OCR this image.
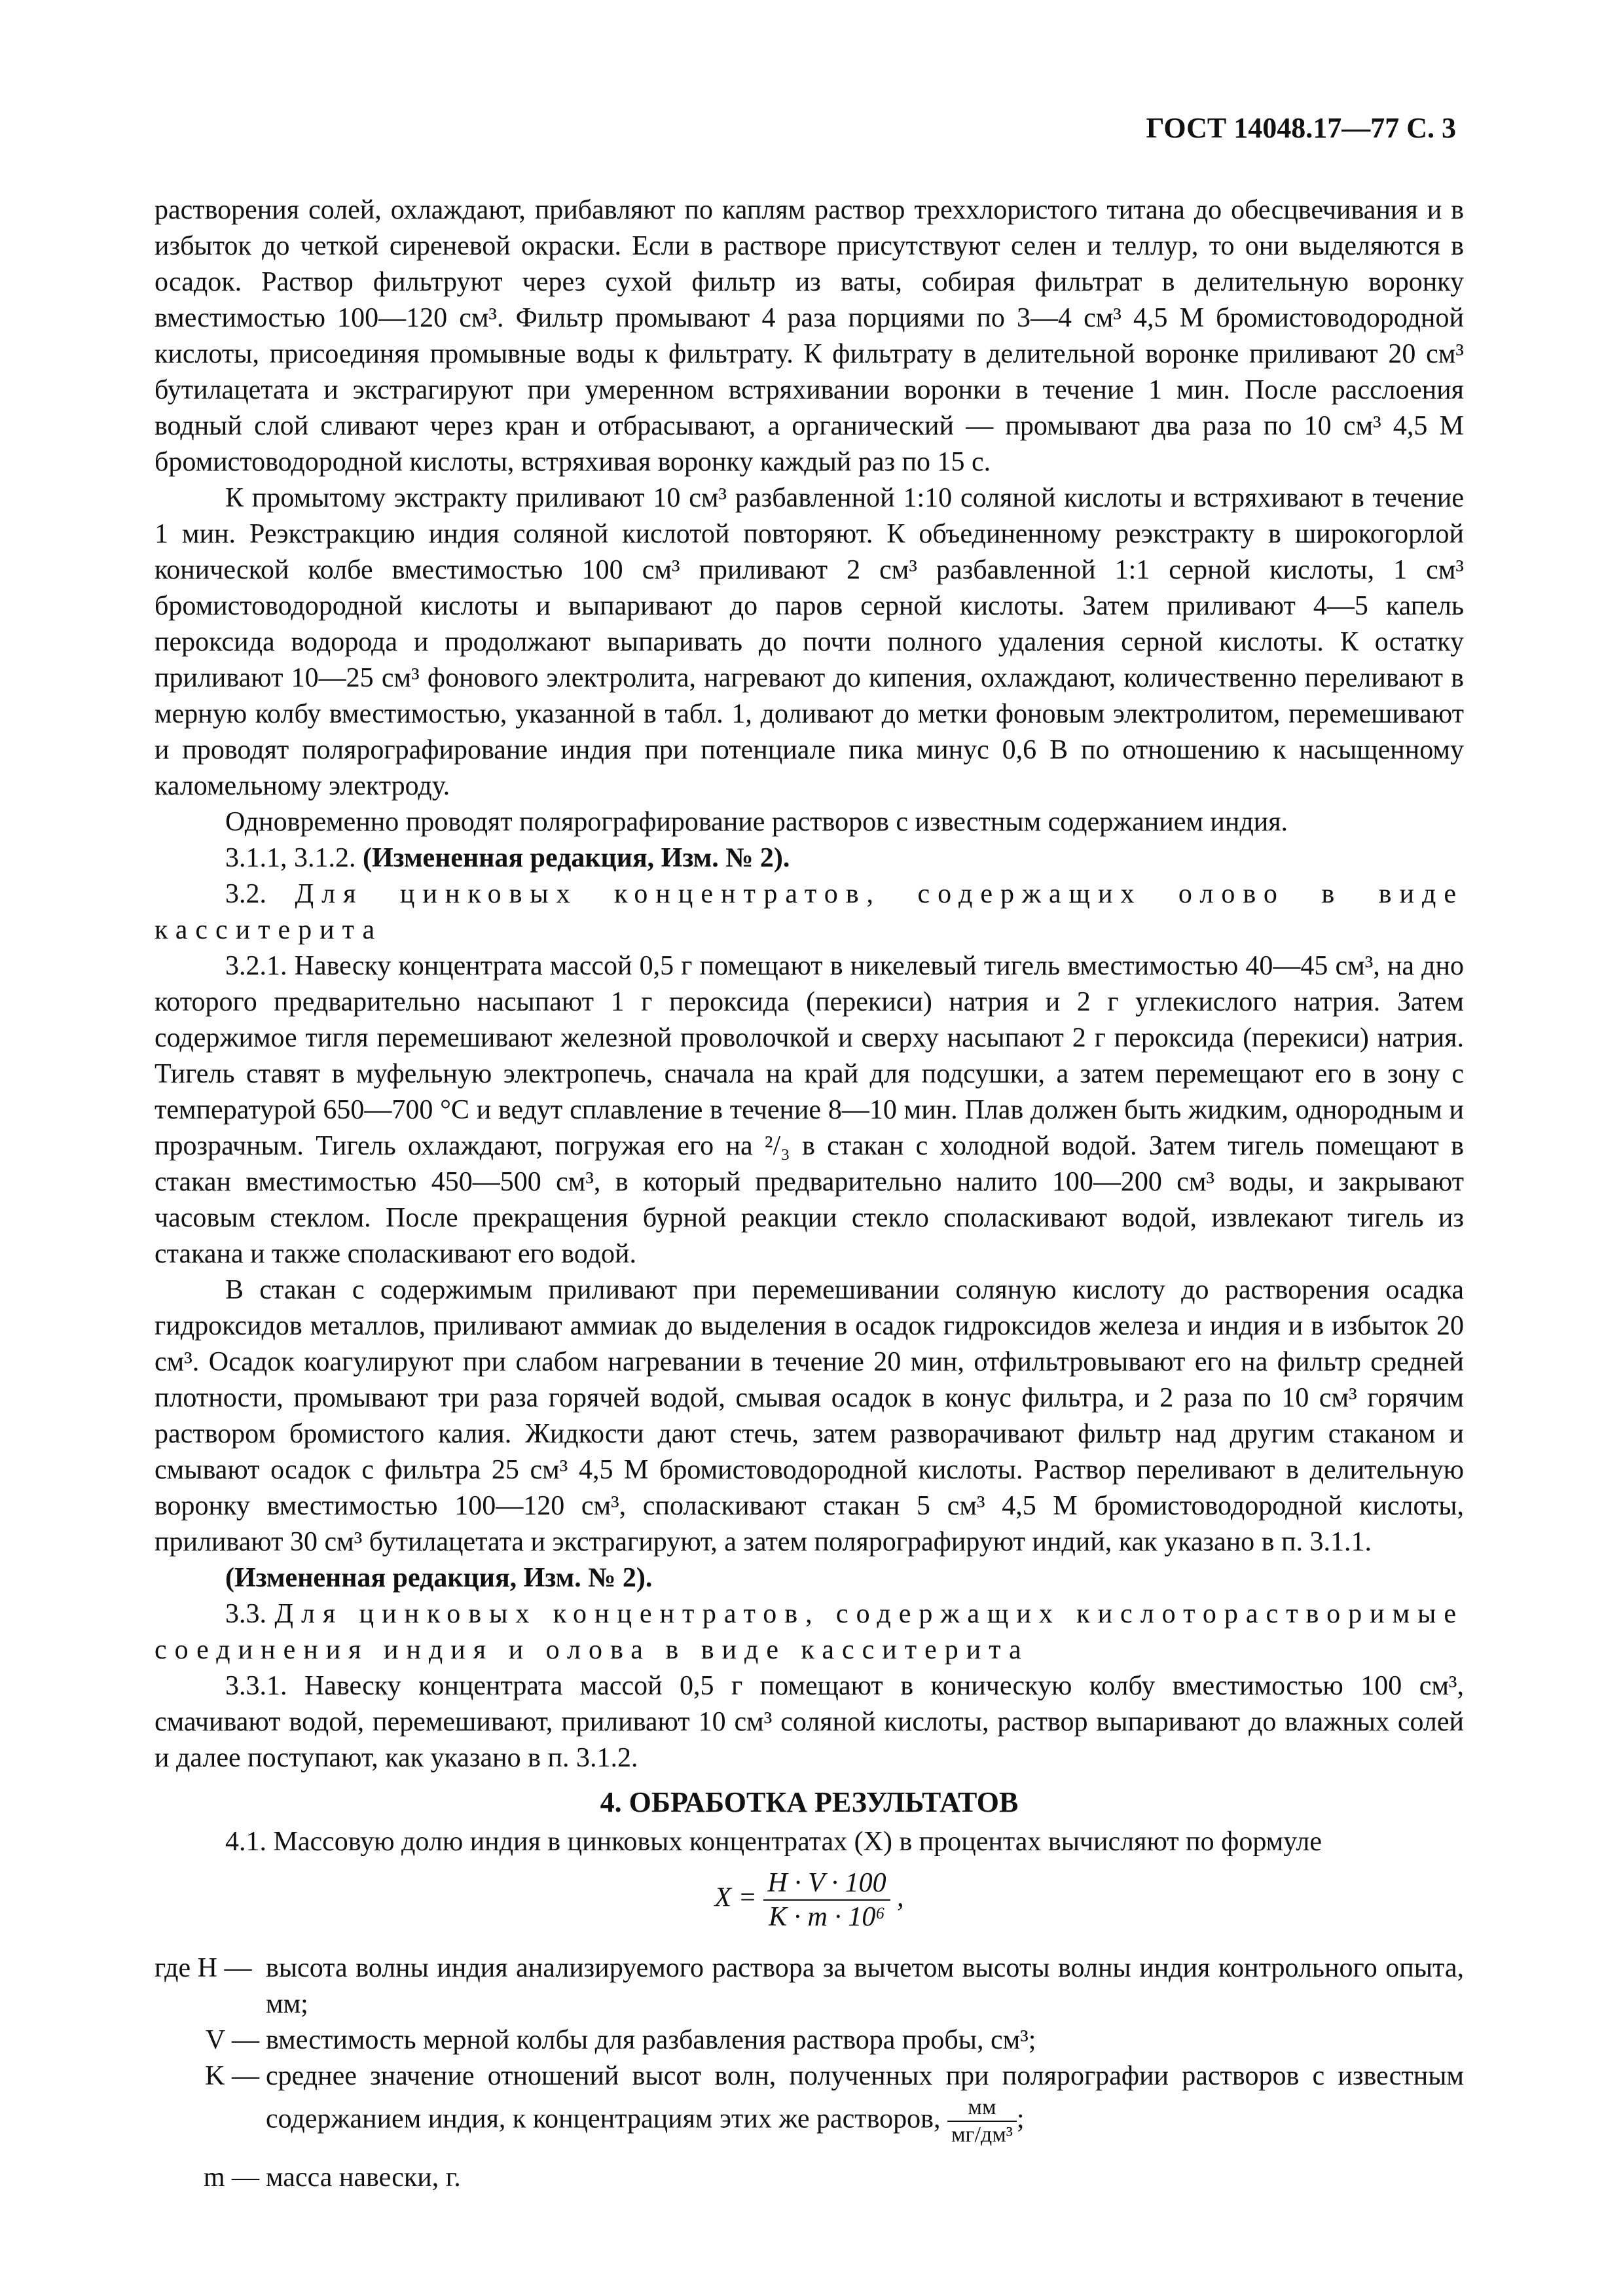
ГОСТ 14048.17—77 С. 3

растворения солей, охлаждают, прибавляют по каплям раствор треххлористого титана до обесцвечивания и в избыток до четкой сиреневой окраски. Если в растворе присутствуют селен и теллур, то они выделяются в осадок. Раствор фильтруют через сухой фильтр из ваты, собирая фильтрат в делительную воронку вместимостью 100—120 см³. Фильтр промывают 4 раза порциями по 3—4 см³ 4,5 М бромистоводородной кислоты, присоединяя промывные воды к фильтрату. К фильтрату в делительной воронке приливают 20 см³ бутилацетата и экстрагируют при умеренном встряхивании воронки в течение 1 мин. После расслоения водный слой сливают через кран и отбрасывают, а органический — промывают два раза по 10 см³ 4,5 М бромистоводородной кислоты, встряхивая воронку каждый раз по 15 с.

К промытому экстракту приливают 10 см³ разбавленной 1:10 соляной кислоты и встряхивают в течение 1 мин. Реэкстракцию индия соляной кислотой повторяют. К объединенному реэкстракту в широкогорлой конической колбе вместимостью 100 см³ приливают 2 см³ разбавленной 1:1 серной кислоты, 1 см³ бромистоводородной кислоты и выпаривают до паров серной кислоты. Затем приливают 4—5 капель пероксида водорода и продолжают выпаривать до почти полного удаления серной кислоты. К остатку приливают 10—25 см³ фонового электролита, нагревают до кипения, охлаждают, количественно переливают в мерную колбу вместимостью, указанной в табл. 1, доливают до метки фоновым электролитом, перемешивают и проводят полярографирование индия при потенциале пика минус 0,6 В по отношению к насыщенному каломельному электроду.

Одновременно проводят полярографирование растворов с известным содержанием индия.

3.1.1, 3.1.2. (Измененная редакция, Изм. № 2).

3.2. Для цинковых концентратов, содержащих олово в виде касситерита

3.2.1. Навеску концентрата массой 0,5 г помещают в никелевый тигель вместимостью 40—45 см³, на дно которого предварительно насыпают 1 г пероксида (перекиси) натрия и 2 г углекислого натрия. Затем содержимое тигля перемешивают железной проволочкой и сверху насыпают 2 г пероксида (перекиси) натрия. Тигель ставят в муфельную электропечь, сначала на край для подсушки, а затем перемещают его в зону с температурой 650—700 °С и ведут сплавление в течение 8—10 мин. Плав должен быть жидким, однородным и прозрачным. Тигель охлаждают, погружая его на ²/₃ в стакан с холодной водой. Затем тигель помещают в стакан вместимостью 450—500 см³, в который предварительно налито 100—200 см³ воды, и закрывают часовым стеклом. После прекращения бурной реакции стекло споласкивают водой, извлекают тигель из стакана и также споласкивают его водой.

В стакан с содержимым приливают при перемешивании соляную кислоту до растворения осадка гидроксидов металлов, приливают аммиак до выделения в осадок гидроксидов железа и индия и в избыток 20 см³. Осадок коагулируют при слабом нагревании в течение 20 мин, отфильтровывают его на фильтр средней плотности, промывают три раза горячей водой, смывая осадок в конус фильтра, и 2 раза по 10 см³ горячим раствором бромистого калия. Жидкости дают стечь, затем разворачивают фильтр над другим стаканом и смывают осадок с фильтра 25 см³ 4,5 М бромистоводородной кислоты. Раствор переливают в делительную воронку вместимостью 100—120 см³, споласкивают стакан 5 см³ 4,5 М бромистоводородной кислоты, приливают 30 см³ бутилацетата и экстрагируют, а затем полярографируют индий, как указано в п. 3.1.1.

(Измененная редакция, Изм. № 2).

3.3. Для цинковых концентратов, содержащих кислоторастворимые соединения индия и олова в виде касситерита

3.3.1. Навеску концентрата массой 0,5 г помещают в коническую колбу вместимостью 100 см³, смачивают водой, перемешивают, приливают 10 см³ соляной кислоты, раствор выпаривают до влажных солей и далее поступают, как указано в п. 3.1.2.

4. ОБРАБОТКА РЕЗУЛЬТАТОВ

4.1. Массовую долю индия в цинковых концентратах (X) в процентах вычисляют по формуле

$X = \frac{H \cdot V \cdot 100}{\text{K · m · 10⁶}}$ ,
где H — высота волны индия анализируемого раствора за вычетом высоты волны индия контрольного опыта, мм;
V — вместимость мерной колбы для разбавления раствора пробы, см³;
K — среднее значение отношений высот волн, полученных при полярографии растворов с известным содержанием индия, к концентрациям этих же растворов, $\frac{мм}{\text{мг/дм³}}$ ;
m — масса навески, г.
